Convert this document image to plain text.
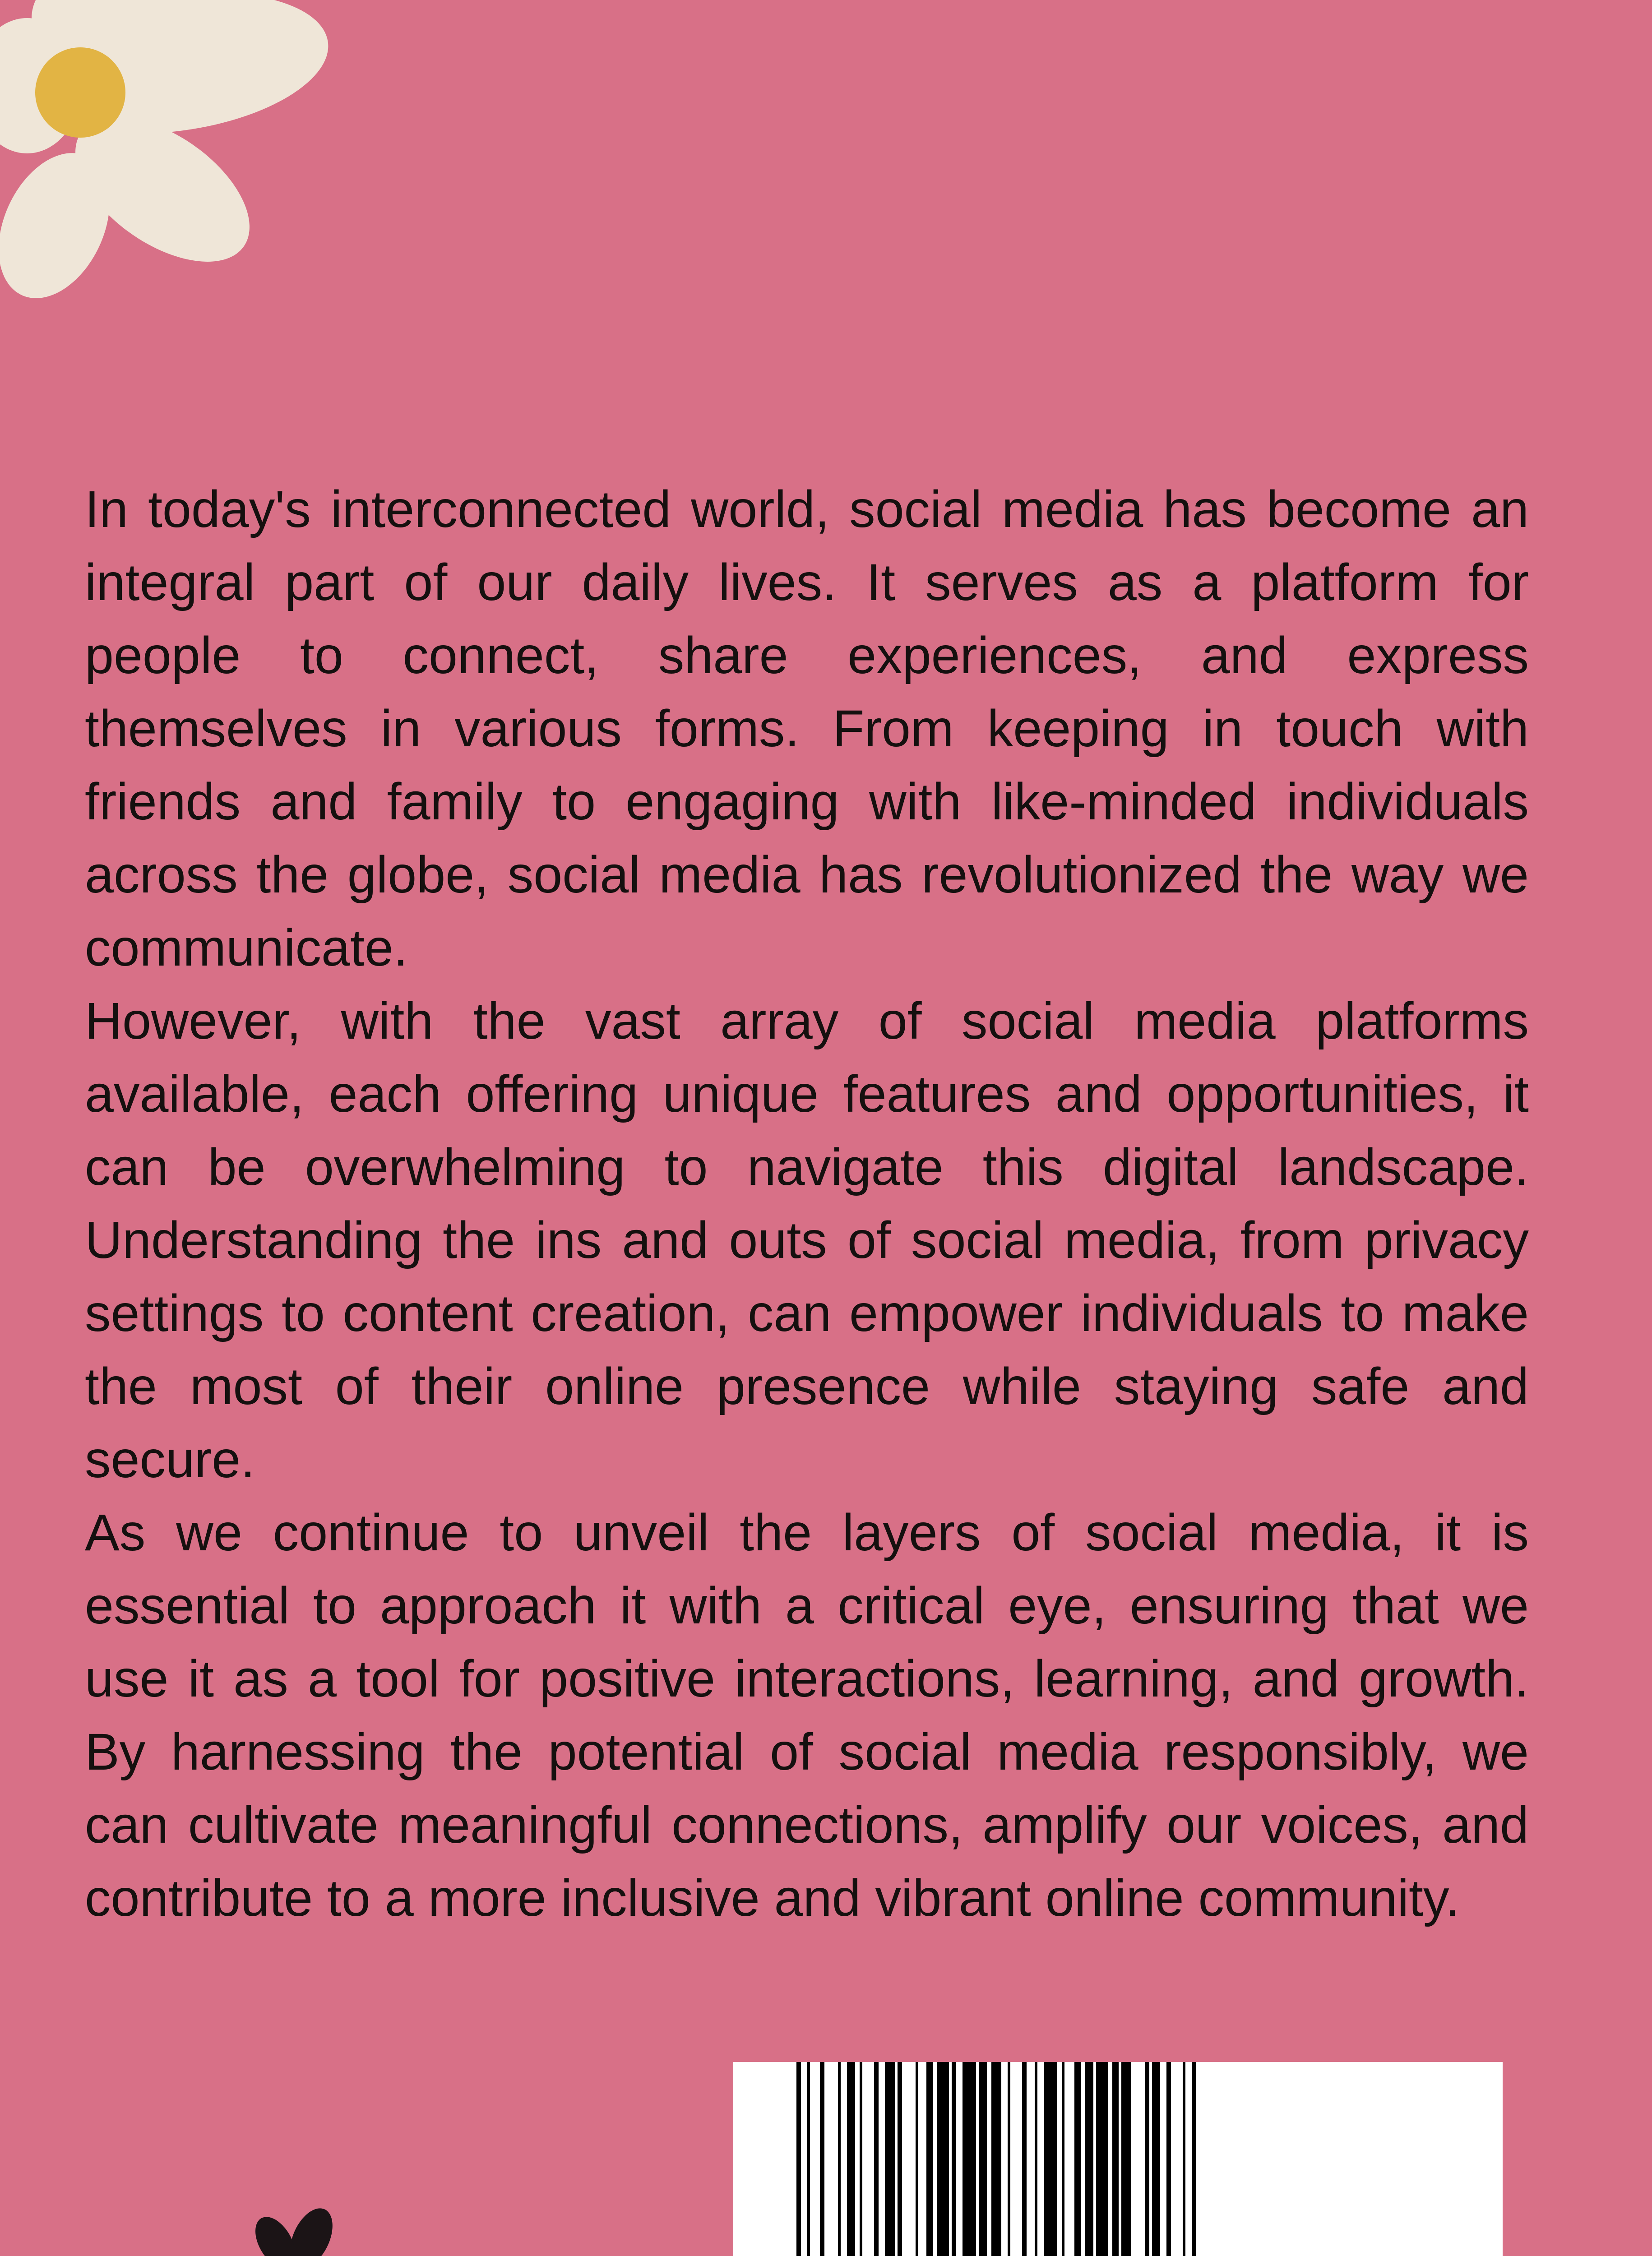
In today's interconnected world, social media has become an integral part of our daily lives. It serves as a platform for people to connect, share experiences, and express themselves in various forms. From keeping in touch with friends and family to engaging with like-minded individuals across the globe, social media has revolutionized the way we communicate.

However, with the vast array of social media platforms available, each offering unique features and opportunities, it can be overwhelming to navigate this digital landscape. Understanding the ins and outs of social media, from privacy settings to content creation, can empower individuals to make the most of their online presence while staying safe and secure.

As we continue to unveil the layers of social media, it is essential to approach it with a critical eye, ensuring that we use it as a tool for positive interactions, learning, and growth. By harnessing the potential of social media responsibly, we can cultivate meaningful connections, amplify our voices, and contribute to a more inclusive and vibrant online community.
